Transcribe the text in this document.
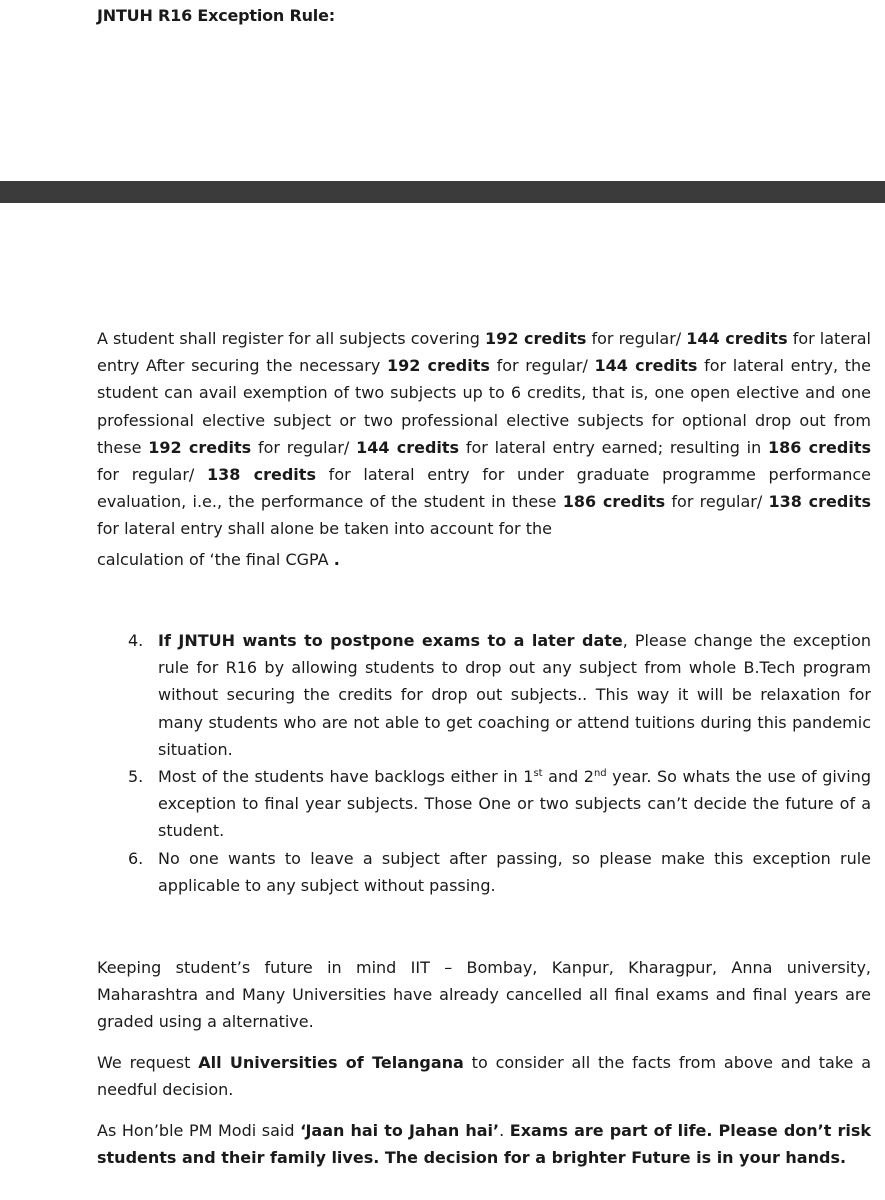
JNTUH R16 Exception Rule:

A student shall register for all subjects covering 192 credits for regular/ 144 credits for lateral entry After securing the necessary 192 credits for regular/ 144 credits for lateral entry, the student can avail exemption of two subjects up to 6 credits, that is, one open elective and one professional elective subject or two professional elective subjects for optional drop out from these 192 credits for regular/ 144 credits for lateral entry earned; resulting in 186 credits for regular/ 138 credits for lateral entry for under graduate programme performance evaluation, i.e., the performance of the student in these 186 credits for regular/ 138 credits for lateral entry shall alone be taken into account for the
calculation of ‘the final CGPA .

4. If JNTUH wants to postpone exams to a later date, Please change the exception rule for R16 by allowing students to drop out any subject from whole B.Tech program without securing the credits for drop out subjects.. This way it will be relaxation for many students who are not able to get coaching or attend tuitions during this pandemic situation.
5. Most of the students have backlogs either in 1st and 2nd year. So whats the use of giving exception to final year subjects. Those One or two subjects can’t decide the future of a student.
6. No one wants to leave a subject after passing, so please make this exception rule applicable to any subject without passing.

Keeping student’s future in mind IIT – Bombay, Kanpur, Kharagpur, Anna university, Maharashtra and Many Universities have already cancelled all final exams and final years are graded using a alternative.

We request All Universities of Telangana to consider all the facts from above and take a needful decision.

As Hon’ble PM Modi said ‘Jaan hai to Jahan hai’. Exams are part of life. Please don’t risk students and their family lives. The decision for a brighter Future is in your hands.
